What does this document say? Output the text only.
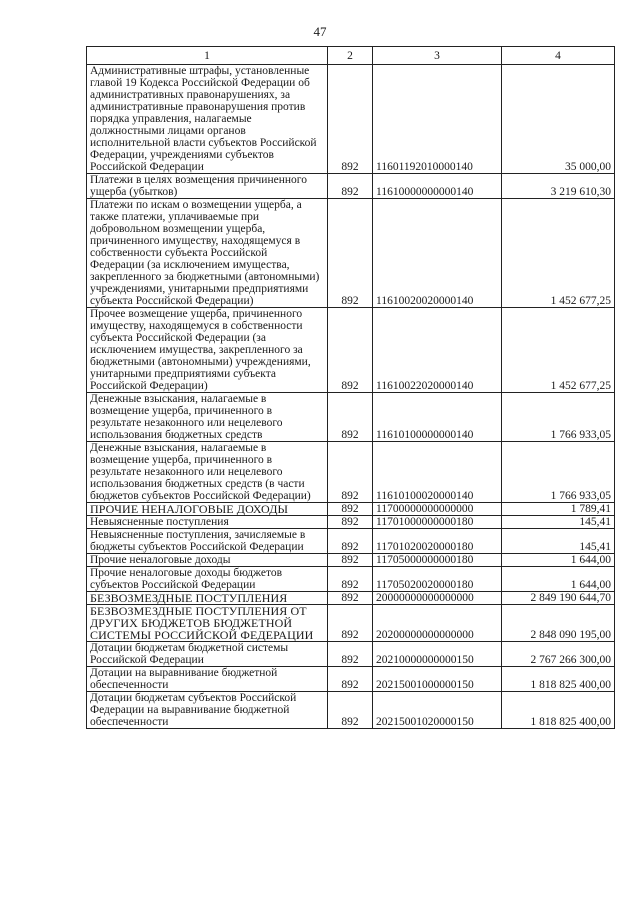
47
1	2	3	4
Административные штрафы, установленные главой 19 Кодекса Российской Федерации об административных правонарушениях, за административные правонарушения против порядка управления, налагаемые должностными лицами органов исполнительной власти субъектов Российской Федерации, учреждениями субъектов Российской Федерации	892	11601192010000140	35 000,00
Платежи в целях возмещения причиненного ущерба (убытков)	892	11610000000000140	3 219 610,30
Платежи по искам о возмещении ущерба, а также платежи, уплачиваемые при добровольном возмещении ущерба, причиненного имуществу, находящемуся в собственности субъекта Российской Федерации (за исключением имущества, закрепленного за бюджетными (автономными) учреждениями, унитарными предприятиями субъекта Российской Федерации)	892	11610020020000140	1 452 677,25
Прочее возмещение ущерба, причиненного имуществу, находящемуся в собственности субъекта Российской Федерации (за исключением имущества, закрепленного за бюджетными (автономными) учреждениями, унитарными предприятиями субъекта Российской Федерации)	892	11610022020000140	1 452 677,25
Денежные взыскания, налагаемые в возмещение ущерба, причиненного в результате незаконного или нецелевого использования бюджетных средств	892	11610100000000140	1 766 933,05
Денежные взыскания, налагаемые в возмещение ущерба, причиненного в результате незаконного или нецелевого использования бюджетных средств (в части бюджетов субъектов Российской Федерации)	892	11610100020000140	1 766 933,05
ПРОЧИЕ НЕНАЛОГОВЫЕ ДОХОДЫ	892	11700000000000000	1 789,41
Невыясненные поступления	892	11701000000000180	145,41
Невыясненные поступления, зачисляемые в бюджеты субъектов Российской Федерации	892	11701020020000180	145,41
Прочие неналоговые доходы	892	11705000000000180	1 644,00
Прочие неналоговые доходы бюджетов субъектов Российской Федерации	892	11705020020000180	1 644,00
БЕЗВОЗМЕЗДНЫЕ ПОСТУПЛЕНИЯ	892	20000000000000000	2 849 190 644,70
БЕЗВОЗМЕЗДНЫЕ ПОСТУПЛЕНИЯ ОТ ДРУГИХ БЮДЖЕТОВ БЮДЖЕТНОЙ СИСТЕМЫ РОССИЙСКОЙ ФЕДЕРАЦИИ	892	20200000000000000	2 848 090 195,00
Дотации бюджетам бюджетной системы Российской Федерации	892	20210000000000150	2 767 266 300,00
Дотации на выравнивание бюджетной обеспеченности	892	20215001000000150	1 818 825 400,00
Дотации бюджетам субъектов Российской Федерации на выравнивание бюджетной обеспеченности	892	20215001020000150	1 818 825 400,00
